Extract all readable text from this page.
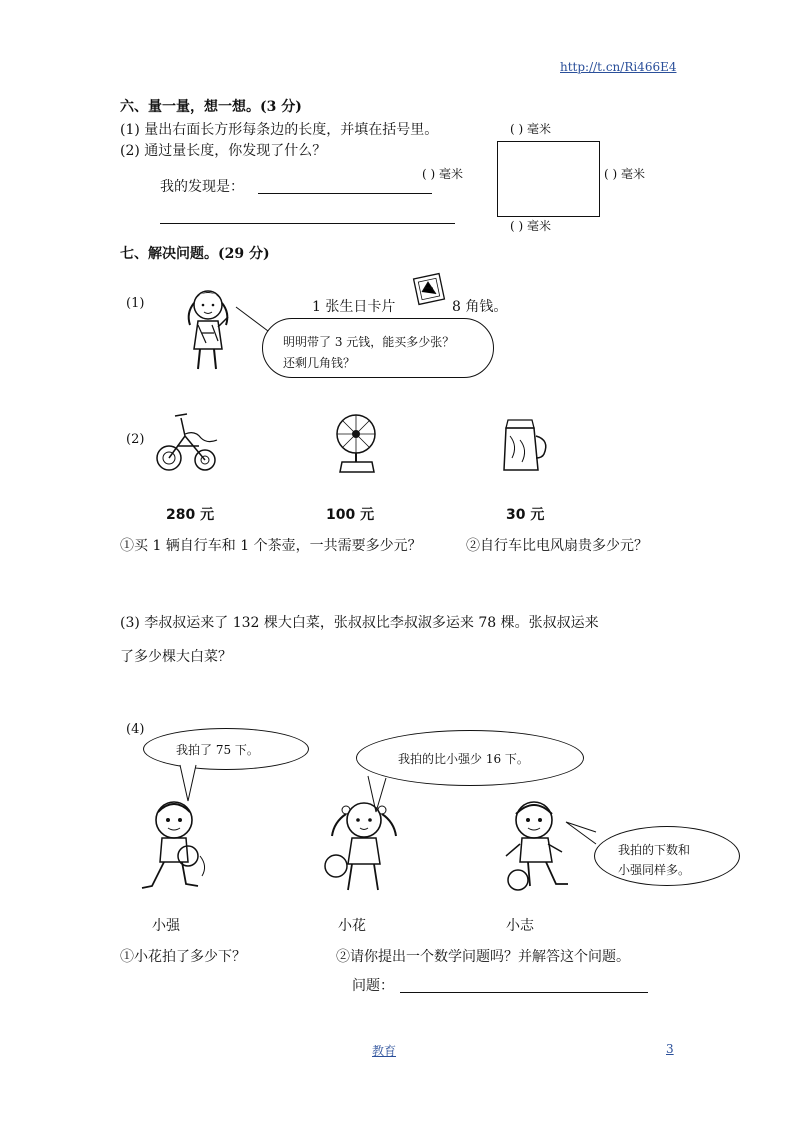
http://t.cn/Ri466E4
六、量一量，想一想。(3 分)
(1) 量出右面长方形每条边的长度，并填在括号里。	( ) 毫米
(2) 通过量长度，你发现了什么？
我的发现是：
( ) 毫米	( ) 毫米
( ) 毫米
七、解决问题。(29 分)
(1)	1 张生日卡片	8 角钱。
明明带了 3 元钱，能买多少张？
还剩几角钱？
(2)
280 元	100 元	30 元
①买 1 辆自行车和 1 个茶壶，一共需要多少元？	②自行车比电风扇贵多少元？
(3) 李叔叔运来了 132 棵大白菜，张叔叔比李叔淑多运来 78 棵。张叔叔运来
了多少棵大白菜？
(4)
我拍了 75 下。
我拍的比小强少 16 下。
我拍的下数和
小强同样多。
小强	小花	小志
①小花拍了多少下？	②请你提出一个数学问题吗？并解答这个问题。
问题：
教育	3
